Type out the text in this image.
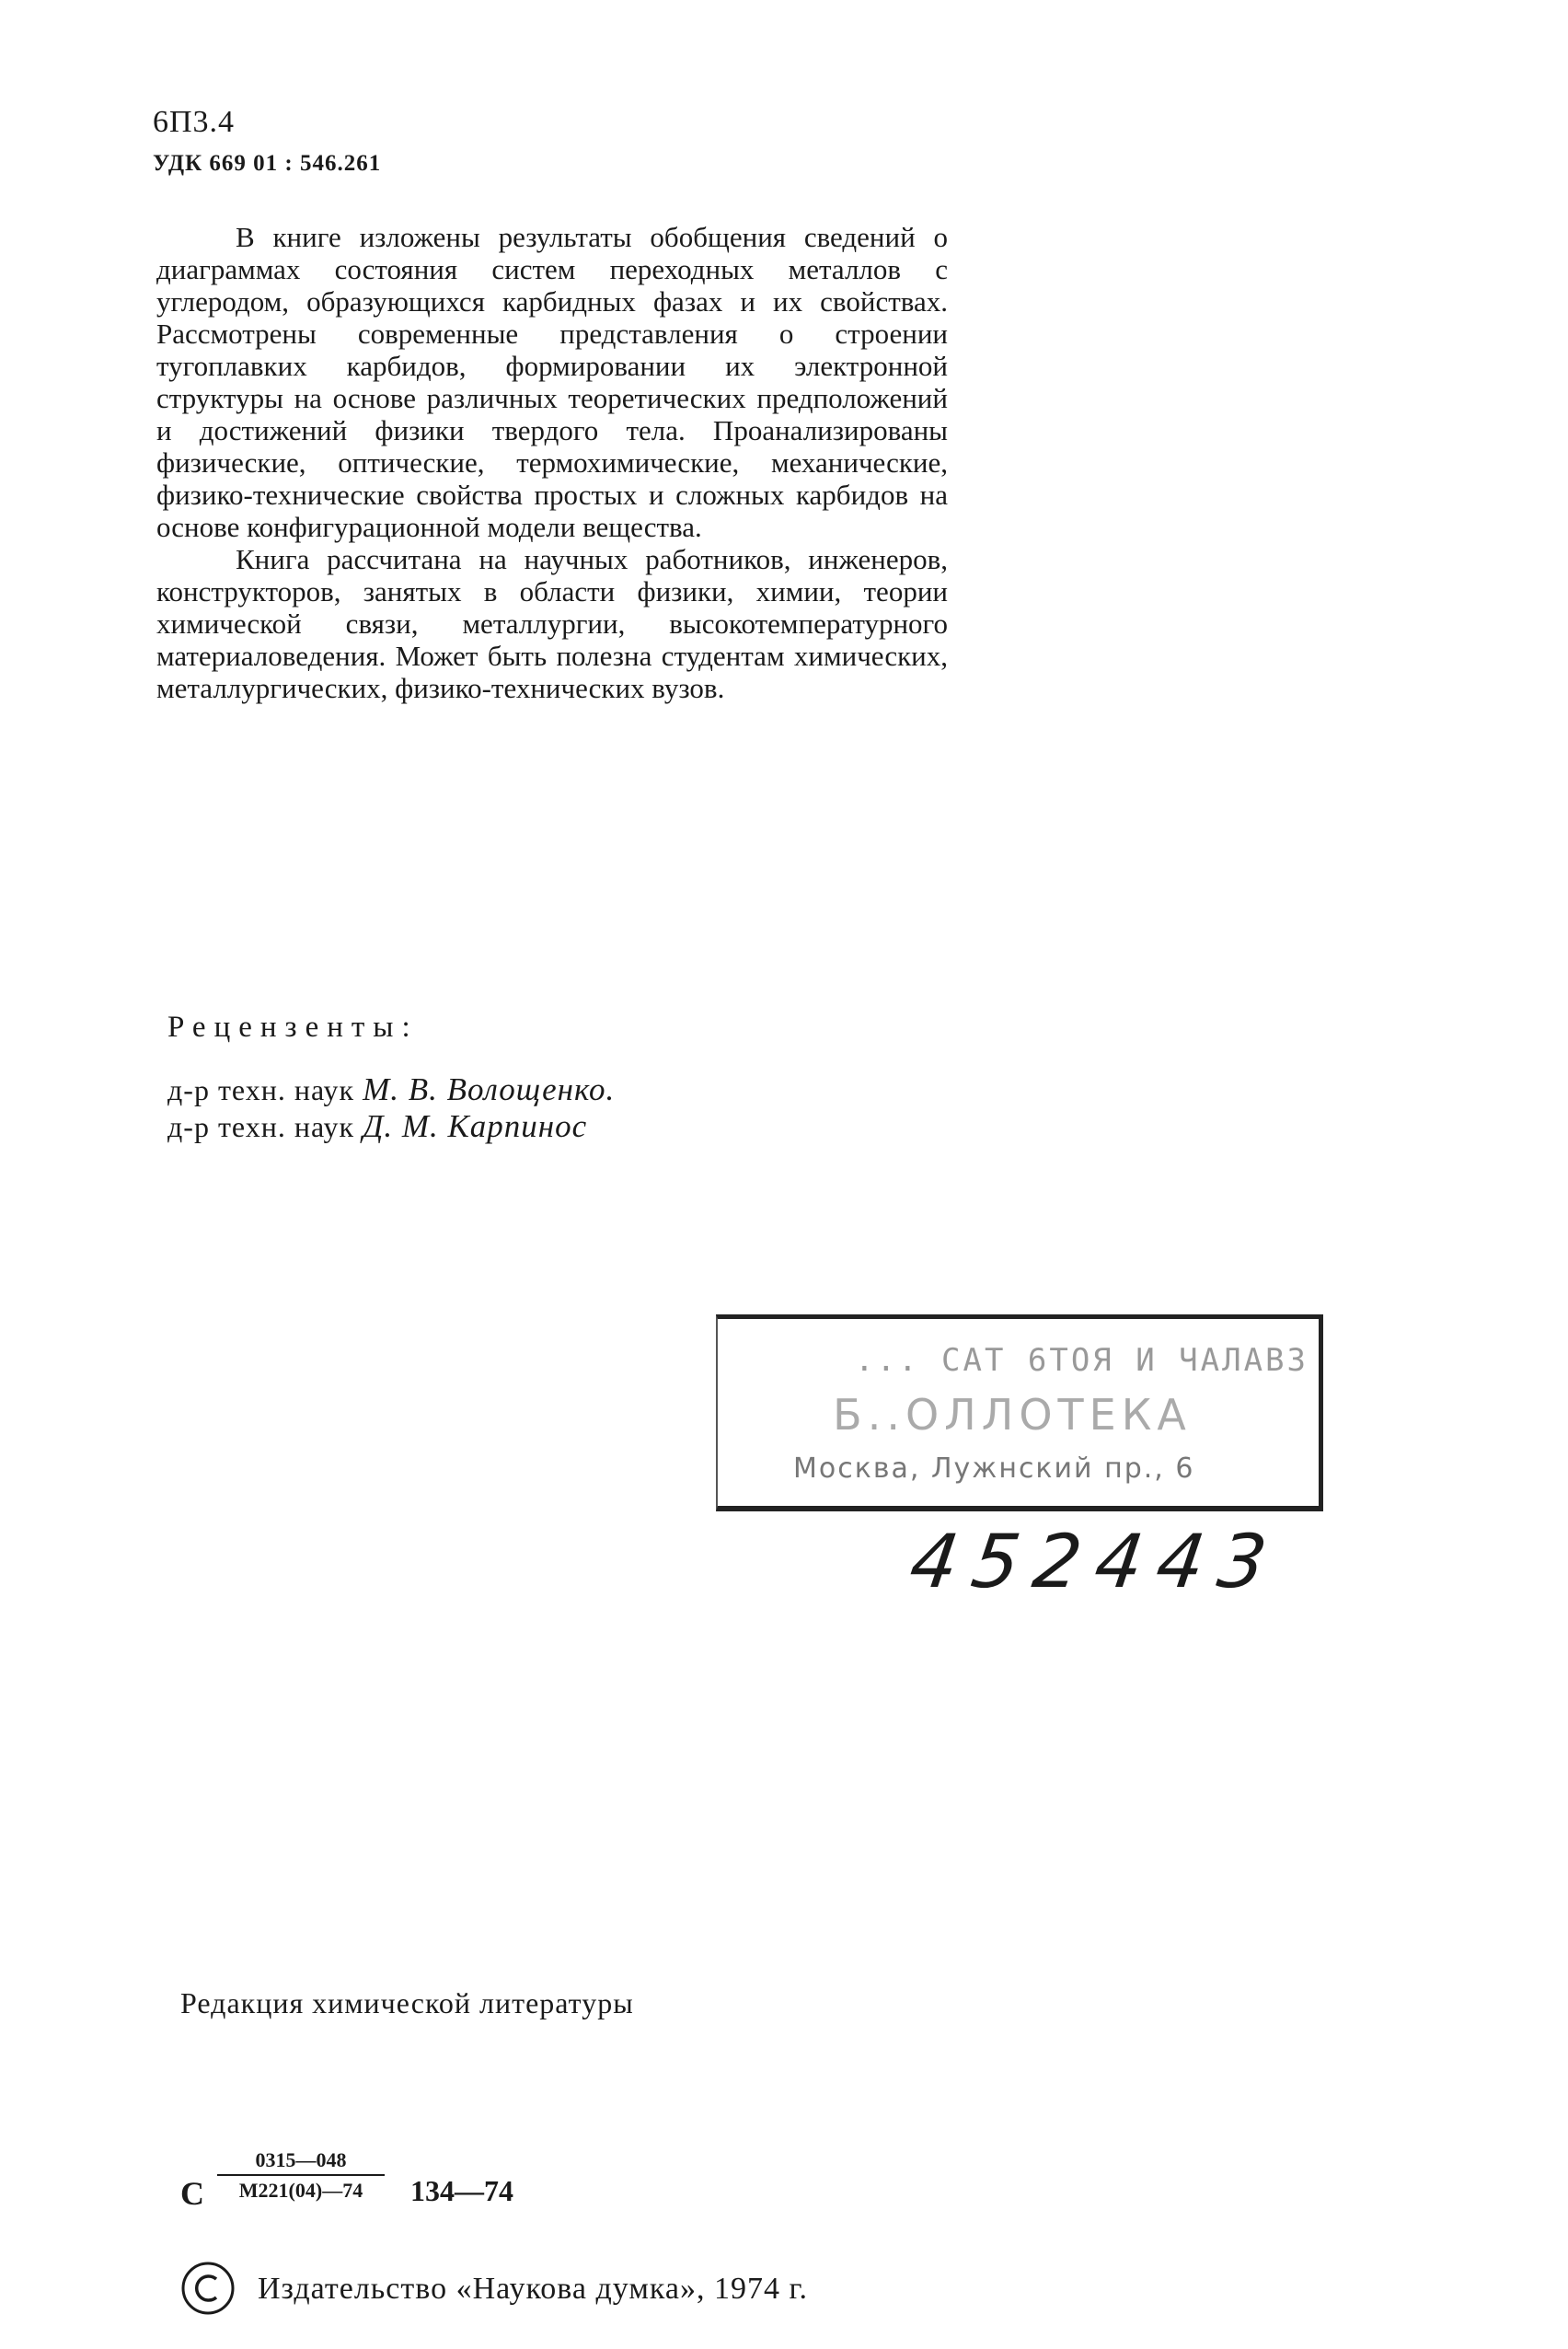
6П3.4
УДК 669 01 : 546.261

В книге изложены результаты обобщения сведений о диаграммах состояния систем переходных металлов с углеродом, образующихся карбидных фазах и их свойствах. Рассмотрены современные представления о строении тугоплавких карбидов, формировании их электронной структуры на основе различных теоретических предположений и достижений физики твердого тела. Проанализированы физические, оптические, термохимические, механические, физико-технические свойства простых и сложных карбидов на основе конфигурационной модели вещества.

Книга рассчитана на научных работников, инженеров, конструкторов, занятых в области физики, химии, теории химической связи, металлургии, высокотемпературного материаловедения. Может быть полезна студентам химических, металлургических, физико-технических вузов.

Рецензенты:
д-р техн. наук М. В. Волощенко.
д-р техн. наук Д. М. Карпинос
... САТ 6ТОЯ И ЧАЛАВЗ
Б..ОЛЛОТЕКА
Москва, Лужнский пр., 6
452443
Редакция химической литературы
С
0315—048
М221(04)—74	134—74
Издательство «Наукова думка», 1974 г.
